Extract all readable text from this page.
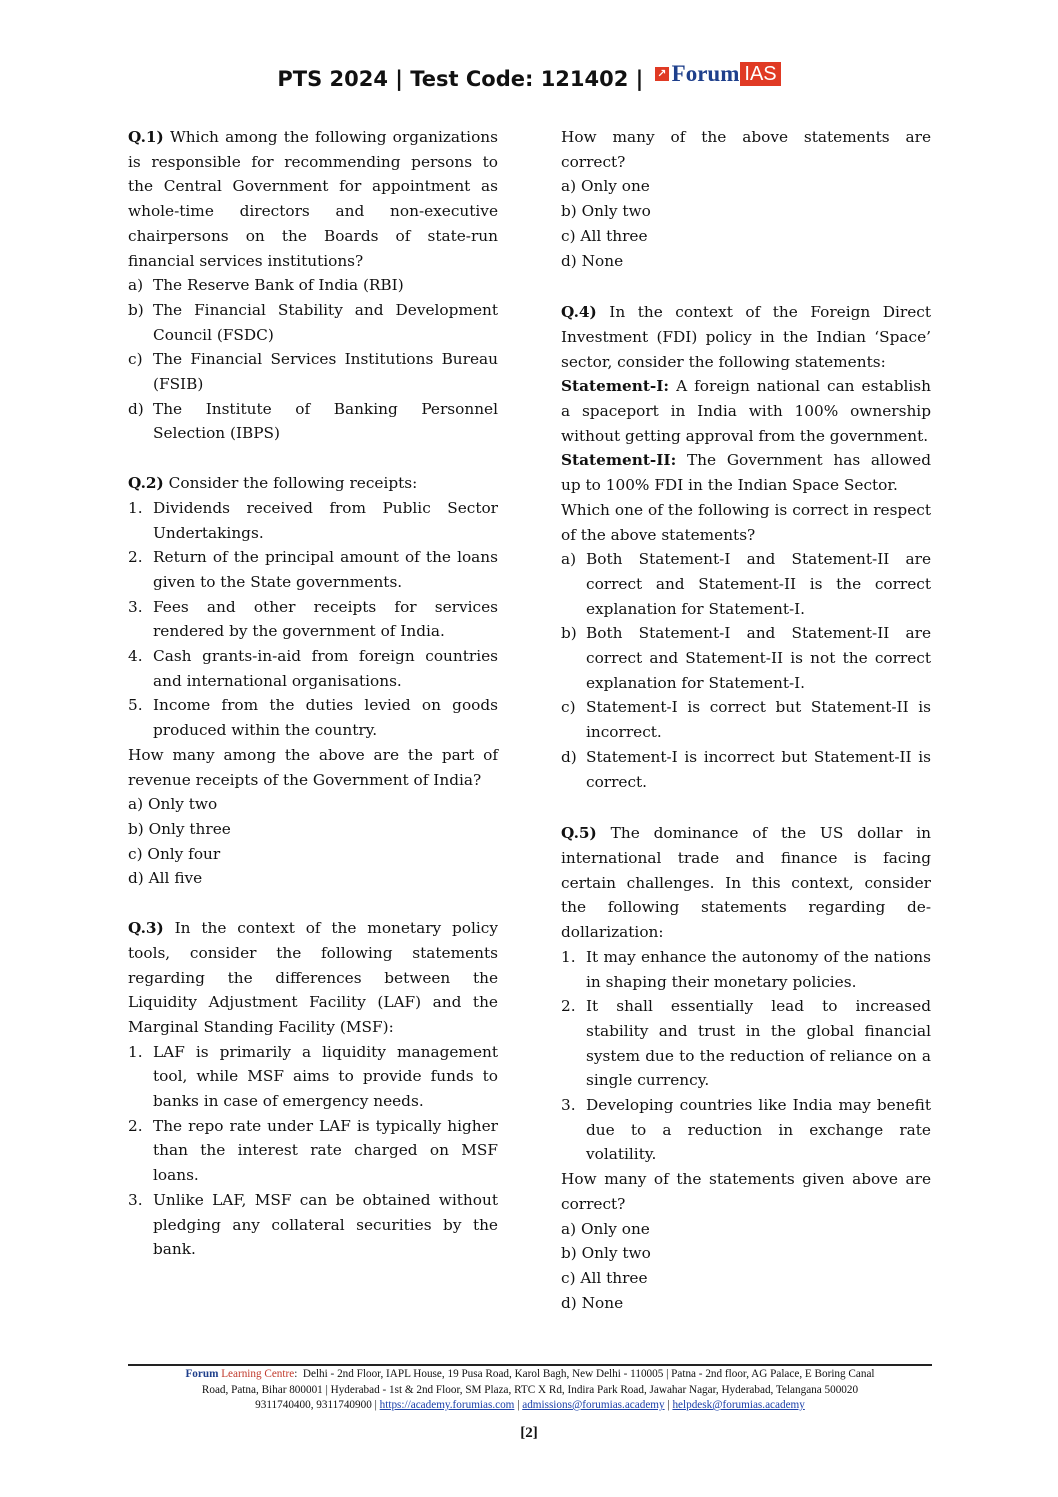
PTS 2024 | Test Code: 121402 | ↗ Forum IAS

Q.1) Which among the following organizations is responsible for recommending persons to the Central Government for appointment as whole-time directors and non-executive chairpersons on the Boards of state-run financial services institutions?

a) The Reserve Bank of India (RBI)
b) The Financial Stability and Development Council (FSDC)
c) The Financial Services Institutions Bureau (FSIB)
d) The Institute of Banking Personnel Selection (IBPS)

Q.2) Consider the following receipts:

1. Dividends received from Public Sector Undertakings.
2. Return of the principal amount of the loans given to the State governments.
3. Fees and other receipts for services rendered by the government of India.
4. Cash grants-in-aid from foreign countries and international organisations.
5. Income from the duties levied on goods produced within the country.

How many among the above are the part of revenue receipts of the Government of India?

a) Only two

b) Only three

c) Only four

d) All five

Q.3) In the context of the monetary policy tools, consider the following statements regarding the differences between the Liquidity Adjustment Facility (LAF) and the Marginal Standing Facility (MSF):

1. LAF is primarily a liquidity management tool, while MSF aims to provide funds to banks in case of emergency needs.
2. The repo rate under LAF is typically higher than the interest rate charged on MSF loans.
3. Unlike LAF, MSF can be obtained without pledging any collateral securities by the bank.

How many of the above statements are correct?

a) Only one

b) Only two

c) All three

d) None

Q.4) In the context of the Foreign Direct Investment (FDI) policy in the Indian ‘Space’ sector, consider the following statements:

Statement-I: A foreign national can establish a spaceport in India with 100% ownership without getting approval from the government.

Statement-II: The Government has allowed up to 100% FDI in the Indian Space Sector.

Which one of the following is correct in respect of the above statements?

a) Both Statement-I and Statement-II are correct and Statement-II is the correct explanation for Statement-I.
b) Both Statement-I and Statement-II are correct and Statement-II is not the correct explanation for Statement-I.
c) Statement-I is correct but Statement-II is incorrect.
d) Statement-I is incorrect but Statement-II is correct.

Q.5) The dominance of the US dollar in international trade and finance is facing certain challenges. In this context, consider the following statements regarding de-dollarization:

1. It may enhance the autonomy of the nations in shaping their monetary policies.
2. It shall essentially lead to increased stability and trust in the global financial system due to the reduction of reliance on a single currency.
3. Developing countries like India may benefit due to a reduction in exchange rate volatility.

How many of the statements given above are correct?

a) Only one

b) Only two

c) All three

d) None

Forum Learning Centre: Delhi - 2nd Floor, IAPL House, 19 Pusa Road, Karol Bagh, New Delhi - 110005 | Patna - 2nd floor, AG Palace, E Boring Canal
Road, Patna, Bihar 800001 | Hyderabad - 1st & 2nd Floor, SM Plaza, RTC X Rd, Indira Park Road, Jawahar Nagar, Hyderabad, Telangana 500020
9311740400, 9311740900 | https://academy.forumias.com | admissions@forumias.academy | helpdesk@forumias.academy
[2]
